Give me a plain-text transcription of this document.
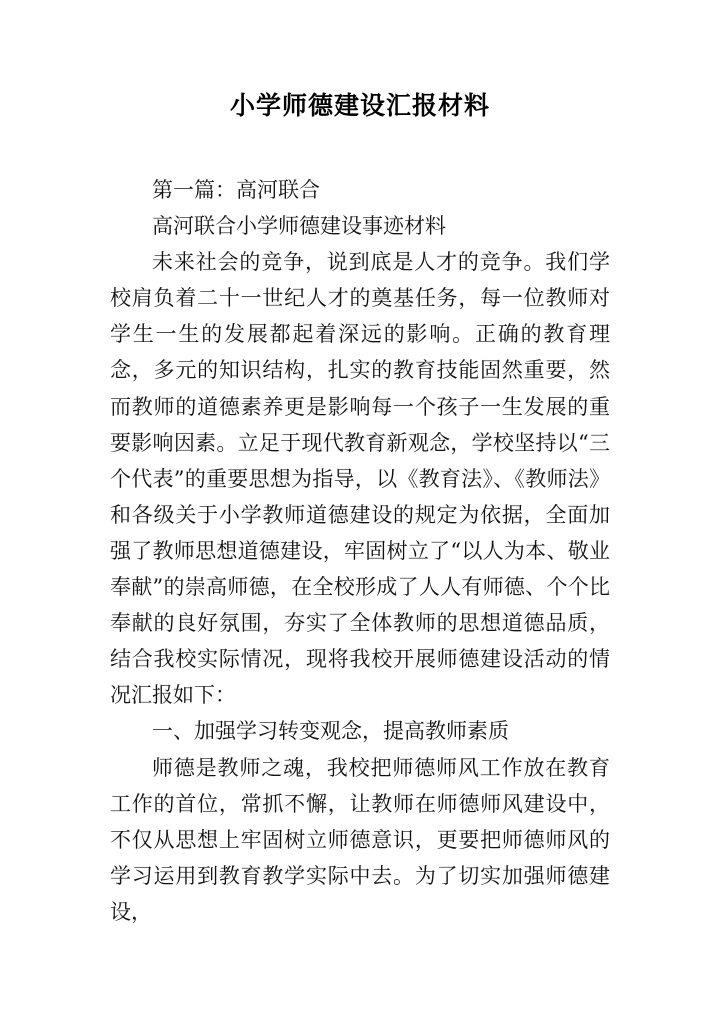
小学师德建设汇报材料

第一篇：高河联合

高河联合小学师德建设事迹材料

未来社会的竞争，说到底是人才的竞争。我们学校肩负着二十一世纪人才的奠基任务，每一位教师对学生一生的发展都起着深远的影响。正确的教育理念，多元的知识结构，扎实的教育技能固然重要，然而教师的道德素养更是影响每一个孩子一生发展的重要影响因素。立足于现代教育新观念，学校坚持以“三个代表”的重要思想为指导，以《教育法》、《教师法》和各级关于小学教师道德建设的规定为依据，全面加强了教师思想道德建设，牢固树立了“以人为本、敬业奉献”的崇高师德，在全校形成了人人有师德、个个比奉献的良好氛围，夯实了全体教师的思想道德品质，结合我校实际情况，现将我校开展师德建设活动的情况汇报如下：

一、加强学习转变观念，提高教师素质

师德是教师之魂，我校把师德师风工作放在教育工作的首位，常抓不懈，让教师在师德师风建设中，不仅从思想上牢固树立师德意识，更要把师德师风的学习运用到教育教学实际中去。为了切实加强师德建设，
